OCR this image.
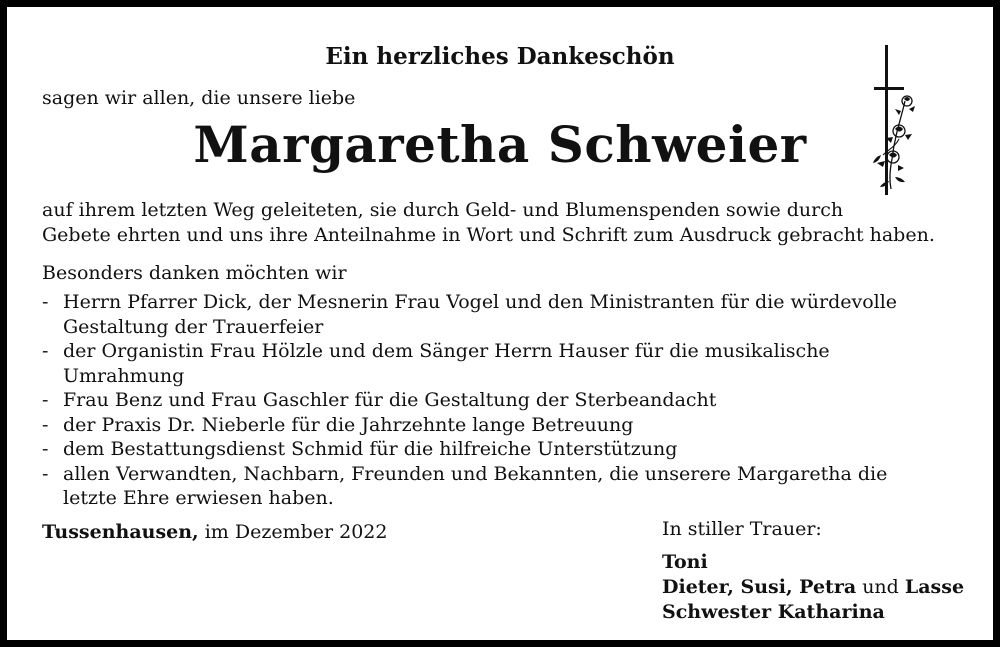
Ein herzliches Dankeschön
sagen wir allen, die unsere liebe
Margaretha Schweier
auf ihrem letzten Weg geleiteten, sie durch Geld- und Blumenspenden sowie durch
Gebete ehrten und uns ihre Anteilnahme in Wort und Schrift zum Ausdruck gebracht haben.
Besonders danken möchten wir
- Herrn Pfarrer Dick, der Mesnerin Frau Vogel und den Ministranten für die würdevolle
Gestaltung der Trauerfeier
- der Organistin Frau Hölzle und dem Sänger Herrn Hauser für die musikalische
Umrahmung
- Frau Benz und Frau Gaschler für die Gestaltung der Sterbeandacht
- der Praxis Dr. Nieberle für die Jahrzehnte lange Betreuung
- dem Bestattungsdienst Schmid für die hilfreiche Unterstützung
- allen Verwandten, Nachbarn, Freunden und Bekannten, die unserere Margaretha die
letzte Ehre erwiesen haben.
Tussenhausen, im Dezember 2022	In stiller Trauer:
Toni
Dieter, Susi, Petra und Lasse
Schwester Katharina
